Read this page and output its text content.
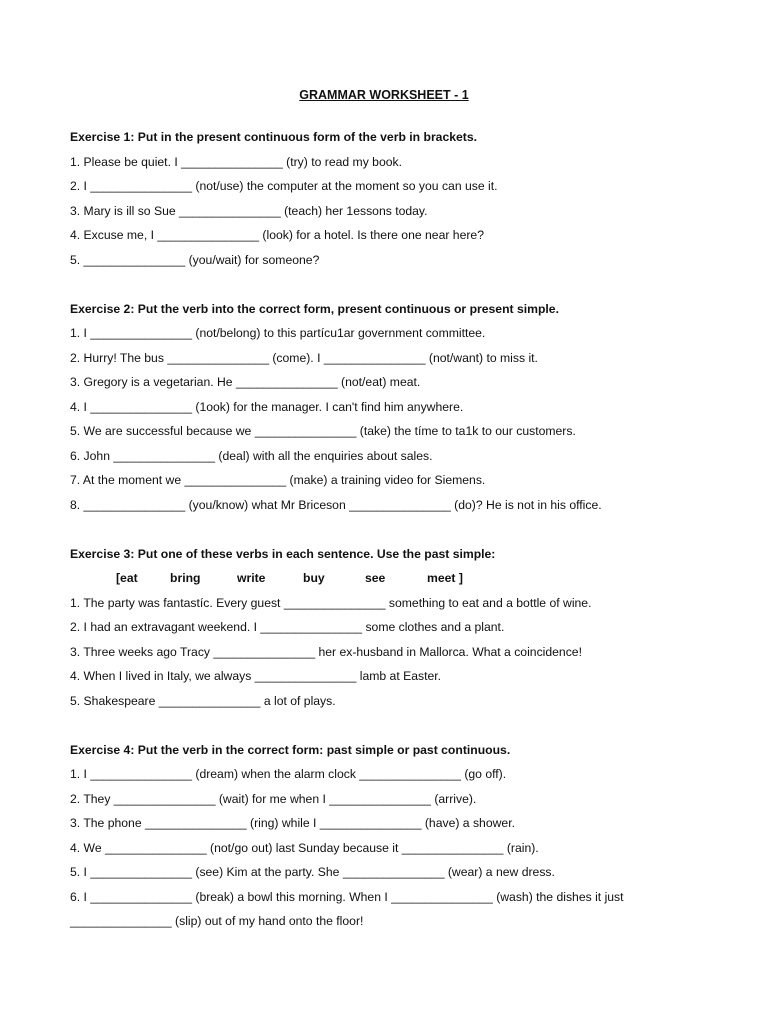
GRAMMAR WORKSHEET - 1
Exercise 1: Put in the present continuous form of the verb in brackets.
1. Please be quiet. I _______________ (try) to read my book.
2. I _______________ (not/use) the computer at the moment so you can use it.
3. Mary is ill so Sue _______________ (teach) her 1essons today.
4. Excuse me, I _______________ (look) for a hotel. Is there one near here?
5. _______________ (you/wait) for someone?
Exercise 2: Put the verb into the correct form, present continuous or present simple.
1. I _______________ (not/belong) to this partícu1ar government committee.
2. Hurry! The bus _______________ (come). I _______________ (not/want) to miss it.
3. Gregory is a vegetarian. He _______________ (not/eat) meat.
4. I _______________ (1ook) for the manager. I can't find him anywhere.
5. We are successful because we _______________ (take) the tíme to ta1k to our customers.
6. John _______________ (deal) with all the enquiries about sales.
7. At the moment we _______________ (make) a training video for Siemens.
8. _______________ (you/know) what Mr Briceson _______________ (do)? He is not in his office.
Exercise 3: Put one of these verbs in each sentence. Use the past simple:
[eat	bring	write	buy	see	meet ]
1. The party was fantastíc. Every guest _______________ something to eat and a bottle of wine.
2. I had an extravagant weekend. I _______________ some clothes and a plant.
3. Three weeks ago Tracy _______________ her ex-husband in Mallorca. What a coincidence!
4. When I lived in Italy, we always _______________ lamb at Easter.
5. Shakespeare _______________ a lot of plays.
Exercise 4: Put the verb in the correct form: past simple or past continuous.
1. I _______________ (dream) when the alarm clock _______________ (go off).
2. They _______________ (wait) for me when I _______________ (arrive).
3. The phone _______________ (ring) while I _______________ (have) a shower.
4. We _______________ (not/go out) last Sunday because it _______________ (rain).
5. I _______________ (see) Kim at the party. She _______________ (wear) a new dress.
6. I _______________ (break) a bowl this morning. When I _______________ (wash) the dishes it just
_______________ (slip) out of my hand onto the floor!
